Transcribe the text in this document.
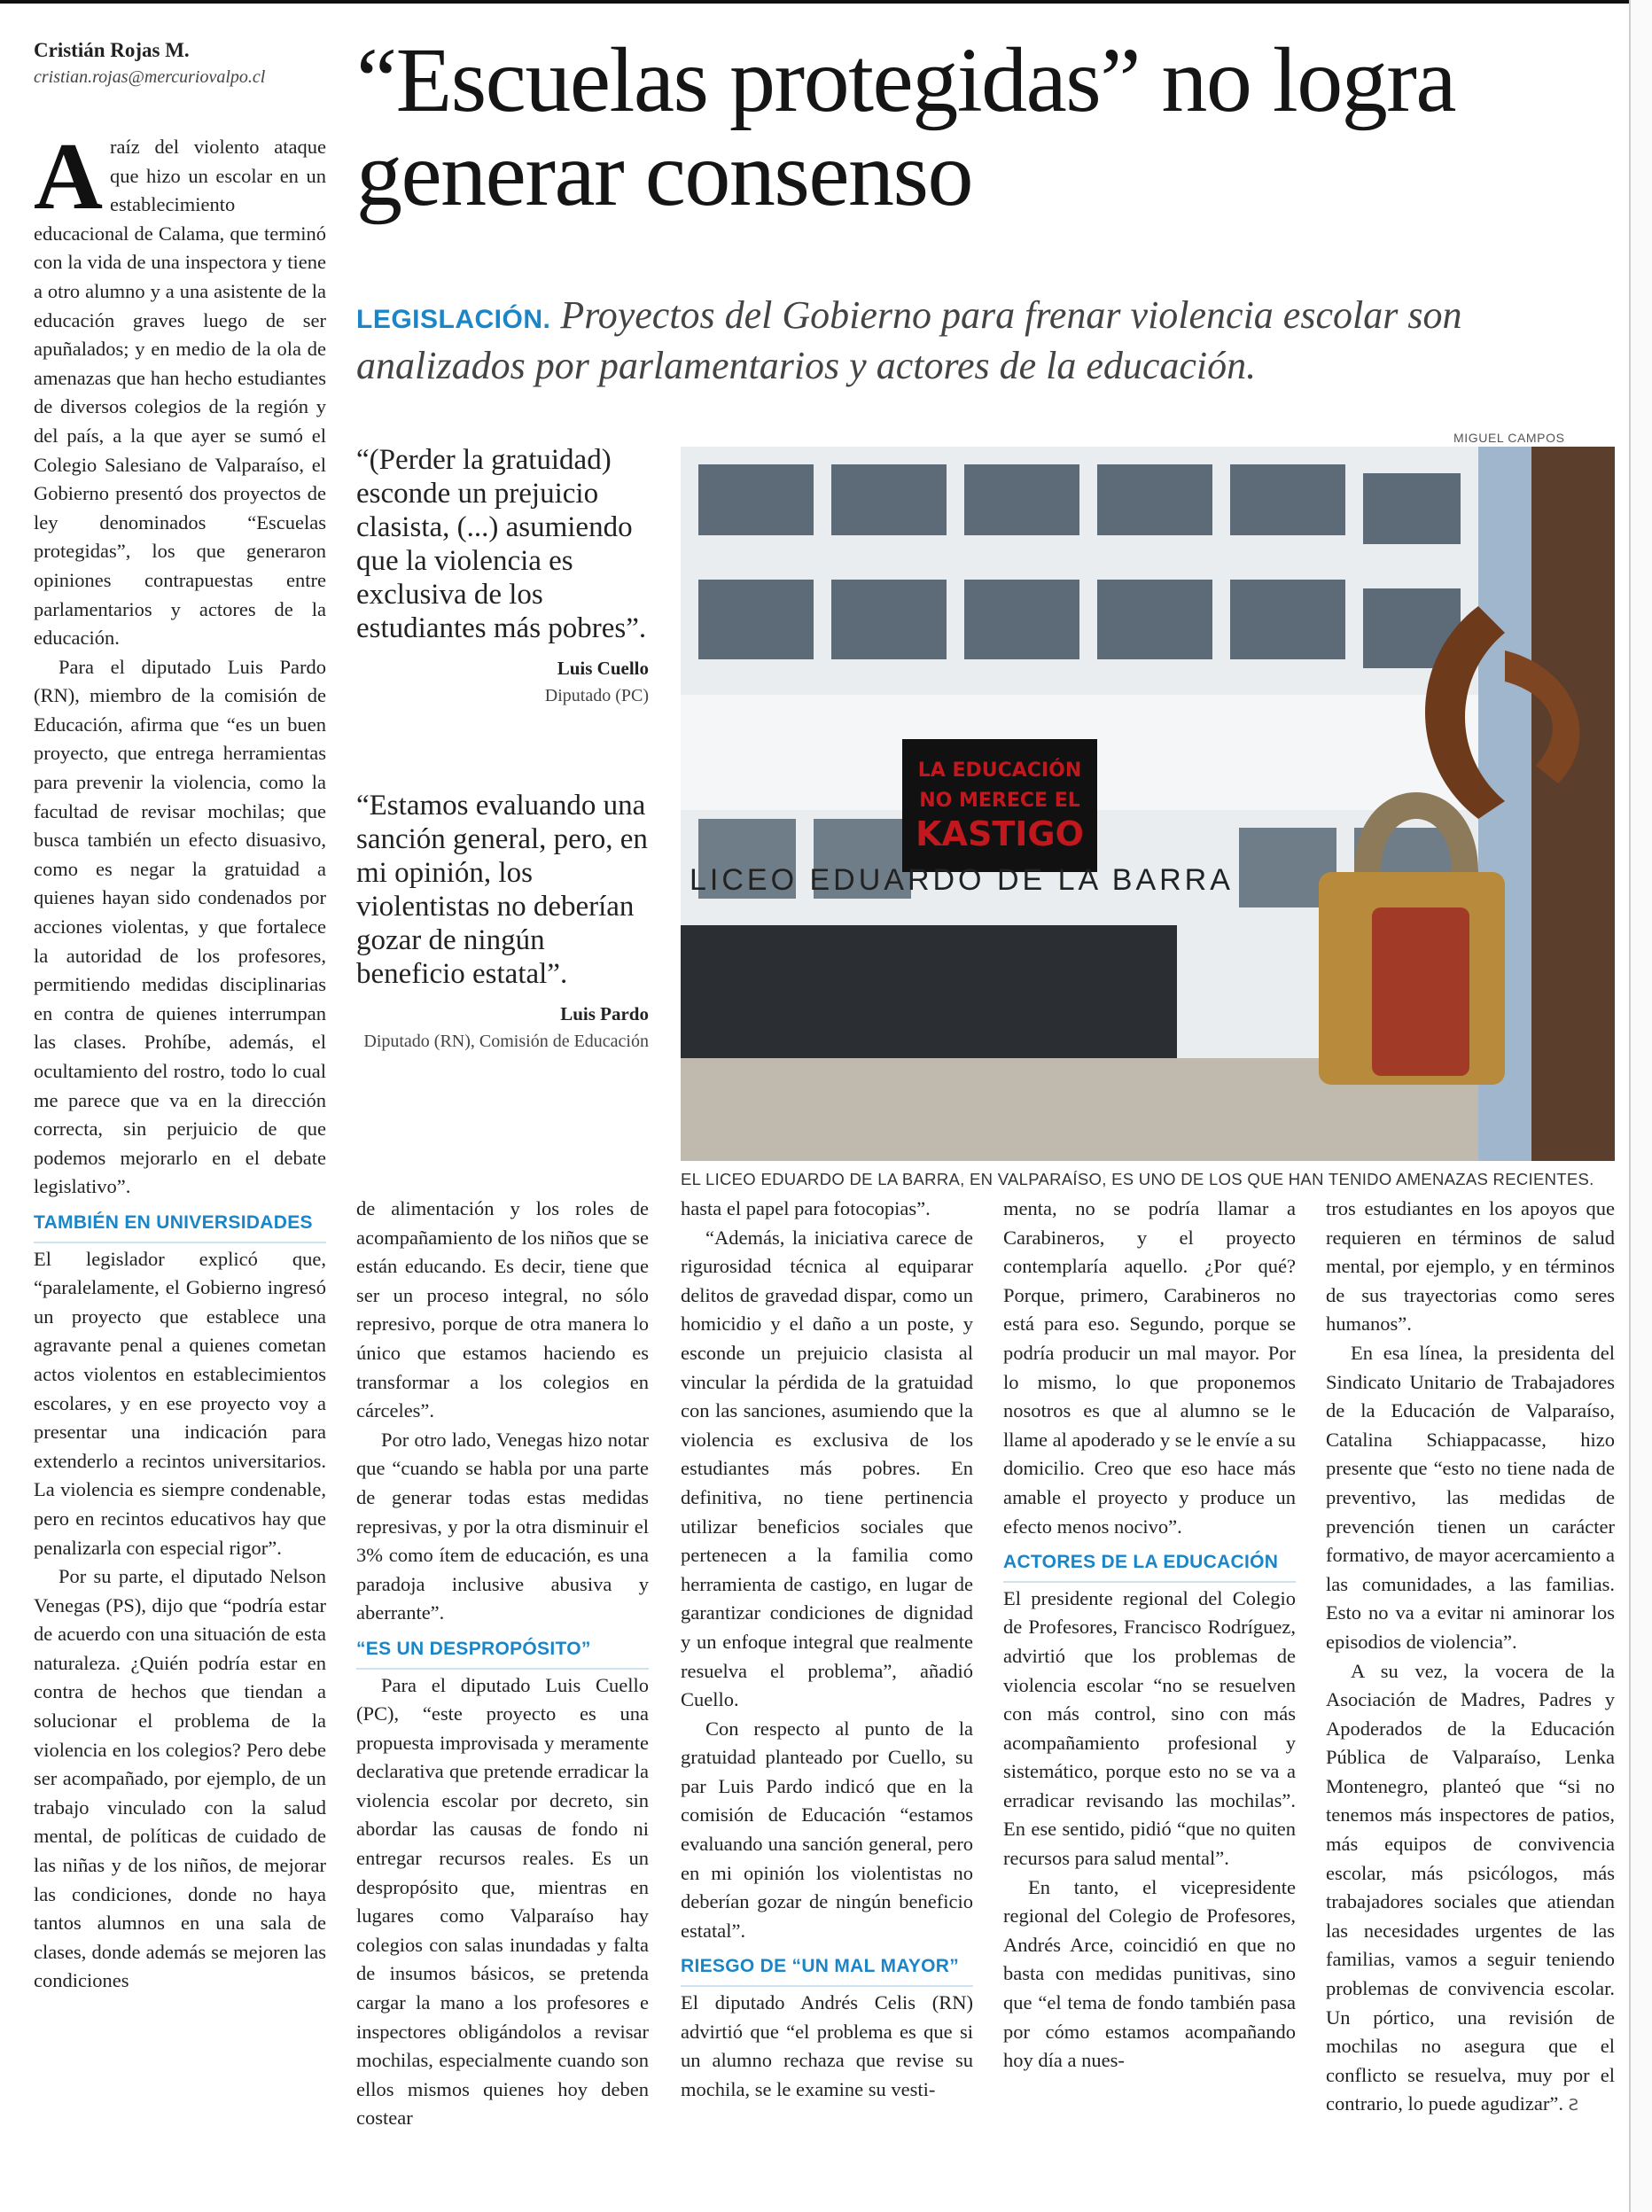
Cristián Rojas M.
cristian.rojas@mercuriovalpo.cl “Escuelas protegidas” no logra generar consenso

LEGISLACIÓN. Proyectos del Gobierno para frenar violencia escolar son analizados por parlamentarios y actores de la educación.

Araíz del violento ataque que hizo un escolar en un establecimiento educacional de Calama, que terminó con la vida de una inspectora y tiene a otro alumno y a una asistente de la educación graves luego de ser apuñalados; y en medio de la ola de amenazas que han hecho estudiantes de diversos colegios de la región y del país, a la que ayer se sumó el Colegio Salesiano de Valparaíso, el Gobierno presentó dos proyectos de ley denominados “Escuelas protegidas”, los que generaron opiniones contrapuestas entre parlamentarios y actores de la educación.

Para el diputado Luis Pardo (RN), miembro de la comisión de Educación, afirma que “es un buen proyecto, que entrega herramientas para prevenir la violencia, como la facultad de revisar mochilas; que busca también un efecto disuasivo, como es negar la gratuidad a quienes hayan sido condenados por acciones violentas, y que fortalece la autoridad de los profesores, permitiendo medidas disciplinarias en contra de quienes interrumpan las clases. Prohíbe, además, el ocultamiento del rostro, todo lo cual me parece que va en la dirección correcta, sin perjuicio de que podemos mejorarlo en el debate legislativo”.

TAMBIÉN EN UNIVERSIDADES

El legislador explicó que, “paralelamente, el Gobierno ingresó un proyecto que establece una agravante penal a quienes cometan actos violentos en establecimientos escolares, y en ese proyecto voy a presentar una indicación para extenderlo a recintos universitarios. La violencia es siempre condenable, pero en recintos educativos hay que penalizarla con especial rigor”.

Por su parte, el diputado Nelson Venegas (PS), dijo que “podría estar de acuerdo con una situación de esta naturaleza. ¿Quién podría estar en contra de hechos que tiendan a solucionar el problema de la violencia en los colegios? Pero debe ser acompañado, por ejemplo, de un trabajo vinculado con la salud mental, de políticas de cuidado de las niñas y de los niños, de mejorar las condiciones, donde no haya tantos alumnos en una sala de clases, donde además se mejoren las condiciones

“(Perder la gratuidad) esconde un prejuicio clasista, (...) asumiendo que la violencia es exclusiva de los estudiantes más pobres”.
Luis Cuello
Diputado (PC)
“Estamos evaluando una sanción general, pero, en mi opinión, los violentistas no deberían gozar de ningún beneficio estatal”.
Luis Pardo
Diputado (RN), Comisión de Educación
MIGUEL CAMPOS
LA EDUCACIÓN
NO MERECE EL
KASTIGO
LICEO EDUARDO DE LA BARRA
EL LICEO EDUARDO DE LA BARRA, EN VALPARAÍSO, ES UNO DE LOS QUE HAN TENIDO AMENAZAS RECIENTES.

de alimentación y los roles de acompañamiento de los niños que se están educando. Es decir, tiene que ser un proceso integral, no sólo represivo, porque de otra manera lo único que estamos haciendo es transformar a los colegios en cárceles”.

Por otro lado, Venegas hizo notar que “cuando se habla por una parte de generar todas estas medidas represivas, y por la otra disminuir el 3% como ítem de educación, es una paradoja inclusive abusiva y aberrante”.

“ES UN DESPROPÓSITO”

Para el diputado Luis Cuello (PC), “este proyecto es una propuesta improvisada y meramente declarativa que pretende erradicar la violencia escolar por decreto, sin abordar las causas de fondo ni entregar recursos reales. Es un despropósito que, mientras en lugares como Valparaíso hay colegios con salas inundadas y falta de insumos básicos, se pretenda cargar la mano a los profesores e inspectores obligándolos a revisar mochilas, especialmente cuando son ellos mismos quienes hoy deben costear

hasta el papel para fotocopias”.

“Además, la iniciativa carece de rigurosidad técnica al equiparar delitos de gravedad dispar, como un homicidio y el daño a un poste, y esconde un prejuicio clasista al vincular la pérdida de la gratuidad con las sanciones, asumiendo que la violencia es exclusiva de los estudiantes más pobres. En definitiva, no tiene pertinencia utilizar beneficios sociales que pertenecen a la familia como herramienta de castigo, en lugar de garantizar condiciones de dignidad y un enfoque integral que realmente resuelva el problema”, añadió Cuello.

Con respecto al punto de la gratuidad planteado por Cuello, su par Luis Pardo indicó que en la comisión de Educación “estamos evaluando una sanción general, pero en mi opinión los violentistas no deberían gozar de ningún beneficio estatal”.

RIESGO DE “UN MAL MAYOR”

El diputado Andrés Celis (RN) advirtió que “el problema es que si un alumno rechaza que revise su mochila, se le examine su vesti-

menta, no se podría llamar a Carabineros, y el proyecto contemplaría aquello. ¿Por qué? Porque, primero, Carabineros no está para eso. Segundo, porque se podría producir un mal mayor. Por lo mismo, lo que proponemos nosotros es que al alumno se le llame al apoderado y se le envíe a su domicilio. Creo que eso hace más amable el proyecto y produce un efecto menos nocivo”.

ACTORES DE LA EDUCACIÓN

El presidente regional del Colegio de Profesores, Francisco Rodríguez, advirtió que los problemas de violencia escolar “no se resuelven con más control, sino con más acompañamiento profesional y sistemático, porque esto no se va a erradicar revisando las mochilas”. En ese sentido, pidió “que no quiten recursos para salud mental”.

En tanto, el vicepresidente regional del Colegio de Profesores, Andrés Arce, coincidió en que no basta con medidas punitivas, sino que “el tema de fondo también pasa por cómo estamos acompañando hoy día a nues-

tros estudiantes en los apoyos que requieren en términos de salud mental, por ejemplo, y en términos de sus trayectorias como seres humanos”.

En esa línea, la presidenta del Sindicato Unitario de Trabajadores de la Educación de Valparaíso, Catalina Schiappacasse, hizo presente que “esto no tiene nada de preventivo, las medidas de prevención tienen un carácter formativo, de mayor acercamiento a las comunidades, a las familias. Esto no va a evitar ni aminorar los episodios de violencia”.

A su vez, la vocera de la Asociación de Madres, Padres y Apoderados de la Educación Pública de Valparaíso, Lenka Montenegro, planteó que “si no tenemos más inspectores de patios, más equipos de convivencia escolar, más psicólogos, más trabajadores sociales que atiendan las necesidades urgentes de las familias, vamos a seguir teniendo problemas de convivencia escolar. Un pórtico, una revisión de mochilas no asegura que el conflicto se resuelva, muy por el contrario, lo puede agudizar”. Ƨ
